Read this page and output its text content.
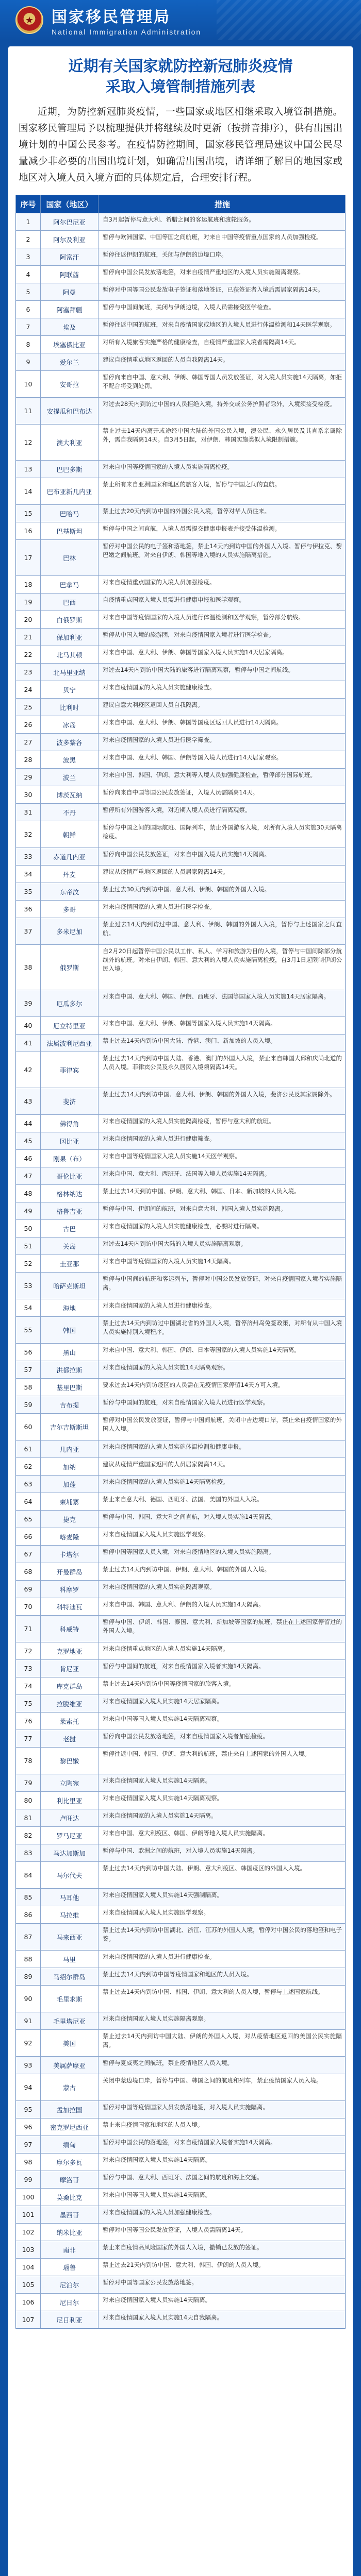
★ 国家移民管理局
National Immigration Administration
近期有关国家就防控新冠肺炎疫情
采取入境管制措施列表

近期，为防控新冠肺炎疫情，一些国家或地区相继采取入境管制措施。国家移民管理局予以梳理提供并将继续及时更新（按拼音排序），供有出国出境计划的中国公民参考。在疫情防控期间，国家移民管理局建议中国公民尽量减少非必要的出国出境计划，如确需出国出境，请详细了解目的地国家或地区对入境人员入境方面的具体规定后，合理安排行程。

序号	国家（地区）	措施
1	阿尔巴尼亚	自3月起暂停与意大利、希腊之间的客运航班和渡轮服务。
2	阿尔及利亚	暂停与欧洲国家、中国等国之间航班，对来自中国等疫情重点国家的人员加强检疫。
3	阿富汗	暂停往返伊朗的航班，关闭与伊朗的边境口岸。
4	阿联酋	暂停向中国公民发放落地签，对来自疫情严重地区的入境人员实施隔离观察。
5	阿曼	暂停对中国等国公民发放电子签证和落地签证，已获签证者入境后需居家隔离14天。
6	阿塞拜疆	暂停与中国间航班，关闭与伊朗边境，入境人员需接受医学检查。
7	埃及	暂停往返中国的航班，对来自疫情国家或地区的入境人员进行体温检测和14天医学观察。
8	埃塞俄比亚	对所有入境旅客实施严格的健康检查，自疫情严重国家入境者需隔离14天。
9	爱尔兰	建议自疫情重点地区返回的人员自我隔离14天。
10	安哥拉
暂停向来自中国、意大利、伊朗、韩国等国人员发放签证，对入境人员实施14天隔离，如拒不配合将受到处罚。
11	安提瓜和巴布达
对过去28天内到访过中国的人员拒绝入境，持外交或公务护照者除外，入境须接受检疫。
12	澳大利亚
禁止过去14天内离开或途经中国大陆的外国公民入境，澳公民、永久居民及其直系亲属除外，需自我隔离14天。自3月5日起，对伊朗、韩国实施类似入境限制措施。
13	巴巴多斯	对来自中国等疫情国家的入境人员实施隔离检疫。
14	巴布亚新几内亚
禁止所有来自亚洲国家和地区的旅客入境，暂停与中国之间的直航。
15	巴哈马	禁止过去20天内到访中国的外国公民入境，暂停对华人员往来。
16	巴基斯坦	暂停与中国之间直航，入境人员需提交健康申报表并接受体温检测。
17	巴林
暂停对中国公民的电子签和落地签，禁止14天内到访中国的外国人入境。暂停与伊拉克、黎巴嫩之间航班。对来自伊朗、韩国等地入境的人员实施隔离措施。
18	巴拿马	对来自疫情重点国家的入境人员加强检疫。
19	巴西	自疫情重点国家入境人员需进行健康申报和医学观察。
20	白俄罗斯	对来自中国等疫情国家的入境人员进行体温检测和医学观察，暂停部分航线。
21	保加利亚	暂停从中国入境的旅游团，对来自疫情国家入境者进行医学检查。
22	北马其顿	对来自中国、意大利、伊朗、韩国等国家入境人员实施14天居家隔离。
23	北马里亚纳	对过去14天内到访中国大陆的旅客进行隔离观察，暂停与中国之间航线。
24	贝宁	对来自疫情国家的入境人员实施健康检查。
25	比利时	建议自意大利疫区返回人员自我隔离。
26	冰岛	对来自中国、意大利、伊朗、韩国等国疫区返回人员进行14天隔离。
27	波多黎各	对来自疫情国家的入境人员进行医学筛查。
28	波黑	对来自中国、意大利、韩国、伊朗等国入境人员进行14天居家观察。
29	波兰	对来自中国、韩国、伊朗、意大利等入境人员加强健康检查，暂停部分国际航班。
30	博茨瓦纳	暂停向来自中国等国公民发放签证，入境人员需隔离14天。
31	不丹	暂停所有外国游客入境，对近期入境人员进行隔离观察。
32	朝鲜
暂停与中国之间的国际航班、国际列车，禁止外国游客入境，对所有入境人员实施30天隔离检疫。
33	赤道几内亚	暂停向中国公民发放签证，对来自中国入境人员实施14天隔离。
34	丹麦	建议从疫情严重地区返回的人员居家隔离14天。
35	东帝汶	禁止过去30天内到访中国、意大利、伊朗、韩国的外国人入境。
36	多哥	对来自疫情国家的入境人员进行医学检查。
37	多米尼加
禁止过去14天内到访过中国、意大利、伊朗、韩国的外国人入境，暂停与上述国家之间直航。
38	俄罗斯
自2月20日起暂停中国公民以工作、私人、学习和旅游为目的入境，暂停与中国间除部分航线外的航班。对来自伊朗、韩国、意大利的入境人员实施隔离检疫，自3月1日起限制伊朗公民入境。
39	厄瓜多尔
对来自中国、意大利、韩国、伊朗、西班牙、法国等国家入境人员实施14天居家隔离。
40	厄立特里亚	对来自中国、意大利、伊朗、韩国等国家入境人员实施14天隔离。
41	法属波利尼西亚	禁止过去14天内到访中国大陆、香港、澳门、新加坡的人员入境。
42	菲律宾
禁止过去14天内到访中国大陆、香港、澳门的外国人入境，禁止来自韩国大邱和庆尚北道的人员入境。菲律宾公民及永久居民入境须隔离14天。
43	斐济
禁止过去14天内到访中国、意大利、伊朗、韩国的外国人入境，斐济公民及其家属除外。
44	佛得角	对来自疫情国家的入境人员实施隔离检疫，暂停与意大利的航班。
45	冈比亚	对来自疫情国家的入境人员进行健康筛查。
46	刚果（布）	对来自中国等疫情国家入境人员实施14天医学观察。
47	哥伦比亚	对来自中国、意大利、西班牙、法国等入境人员实施14天隔离。
48	格林纳达	禁止过去14天到访中国、伊朗、意大利、韩国、日本、新加坡的人员入境。
49	格鲁吉亚	暂停与中国、伊朗间的航班，对来自意大利、韩国入境人员实施隔离。
50	古巴	对来自疫情国家的入境人员实施健康检查，必要时进行隔离。
51	关岛	对过去14天内到访中国大陆的入境人员实施隔离观察。
52	圭亚那	对来自中国等疫情国家的入境人员实施14天隔离。
53	哈萨克斯坦
暂停与中国间的航班和客运列车，暂停对中国公民发放签证，对来自疫情国家入境者实施隔离。
54	海地	对来自疫情国家的入境人员进行健康检查。
55	韩国
禁止过去14天内到访过中国湖北省的外国人入境，暂停济州岛免签政策，对所有从中国入境人员实施特别入境程序。
56	黑山	对来自中国、意大利、韩国、伊朗、日本等国家的入境人员实施14天隔离。
57	洪都拉斯	对来自疫情国家的入境人员实施14天隔离观察。
58	基里巴斯	要求过去14天内到访疫区的人员需在无疫情国家停留14天方可入境。
59	吉布提	暂停与中国间的航班，对来自疫情国家入境人员进行医学观察。
60	吉尔吉斯斯坦
暂停对中国公民发放签证，暂停与中国间航班，关闭中吉边境口岸，禁止来自疫情国家的外国人入境。
61	几内亚	对来自疫情国家的入境人员实施体温检测和健康申报。
62	加纳	建议从疫情严重国家返回的人员居家隔离14天。
63	加蓬	对来自疫情国家的入境人员实施14天隔离检疫。
64	柬埔寨	禁止来自意大利、德国、西班牙、法国、美国的外国人入境。
65	捷克	暂停与中国、韩国、意大利之间直航，对入境人员实施14天隔离。
66	喀麦隆	对来自疫情国家入境人员实施医学观察。
67	卡塔尔	暂停中国等国家人员入境，对来自疫情地区的入境人员实施隔离。
68	开曼群岛	禁止过去14天内到访中国、伊朗、意大利、韩国的外国人入境。
69	科摩罗	对来自疫情国家的入境人员实施隔离观察。
70	科特迪瓦	对来自中国、韩国、意大利、伊朗的入境人员实施14天隔离。
71	科威特
暂停与中国、伊朗、韩国、泰国、意大利、新加坡等国家的航班，禁止在上述国家停留过的外国人入境。
72	克罗地亚	对来自疫情重点地区的入境人员实施14天隔离。
73	肯尼亚	暂停与中国间的航班，对来自疫情国家入境者实施14天隔离。
74	库克群岛	禁止过去14天内到访中国等疫情国家的旅客入境。
75	拉脱维亚	对来自疫情国家入境人员实施14天居家隔离。
76	莱索托	对来自中国等国入境人员实施14天隔离观察。
77	老挝	暂停向中国公民发放落地签，对来自疫情国家入境者加强检疫。
78	黎巴嫩
暂停往返中国、韩国、伊朗、意大利的航班，禁止来自上述国家的外国人入境。
79	立陶宛	对来自疫情国家入境人员实施14天隔离。
80	利比里亚	对来自疫情国家入境人员实施14天隔离观察。
81	卢旺达	对来自疫情国家的入境人员实施14天隔离。
82	罗马尼亚	对来自中国、意大利疫区、韩国、伊朗等地入境人员实施隔离。
83	马达加斯加	暂停与中国、欧洲之间的航班，对入境人员实施14天隔离。
84	马尔代夫
禁止过去14天内到访中国大陆、伊朗、意大利疫区、韩国疫区的外国人入境。
85	马耳他	对来自疫情国家入境人员实施14天强制隔离。
86	马拉维	对来自疫情国家入境人员实施医学观察。
87	马来西亚
禁止过去14天内到访中国湖北、浙江、江苏的外国人入境，暂停对中国公民的落地签和电子签。
88	马里	对来自疫情国家的入境人员进行健康检查。
89	马绍尔群岛	禁止过去14天内到访中国等疫情国家和地区的人员入境。
90	毛里求斯
禁止过去14天内到访中国、韩国、伊朗、意大利的人员入境，暂停与上述国家航线。
91	毛里塔尼亚	对来自疫情国家入境人员实施隔离观察。
92	美国
禁止过去14天内到访中国大陆、伊朗的外国人入境，对从疫情地区返回的美国公民实施隔离。
93	美属萨摩亚	暂停与夏威夷之间航班，禁止疫情地区人员入境。
94	蒙古
关闭中蒙边境口岸，暂停与中国、韩国之间的航班和列车，禁止疫情国家人员入境。
95	孟加拉国	暂停对中国等疫情国家人员发放落地签，对入境人员实施隔离。
96	密克罗尼西亚	禁止来自疫情国家和地区的人员入境。
97	缅甸	暂停对中国公民的落地签，对来自疫情国家入境者实施14天隔离。
98	摩尔多瓦	对来自疫情国家入境人员实施14天隔离。
99	摩洛哥	暂停与中国、意大利、西班牙、法国之间的航班和海上交通。
100	莫桑比克	对来自中国等国入境人员实施14天隔离。
101	墨西哥	对来自疫情国家的入境人员加强健康检查。
102	纳米比亚	暂停对中国等国公民发放签证，入境人员需隔离14天。
103	南非	禁止来自疫情高风险国家的外国人入境，撤销已发放的签证。
104	瑙鲁	禁止过去21天内到访中国、意大利、韩国、伊朗的人员入境。
105	尼泊尔	暂停对中国等国家公民发放落地签。
106	尼日尔	对来自疫情国家入境人员实施14天隔离。
107	尼日利亚	对来自疫情国家入境人员实施14天自我隔离。
